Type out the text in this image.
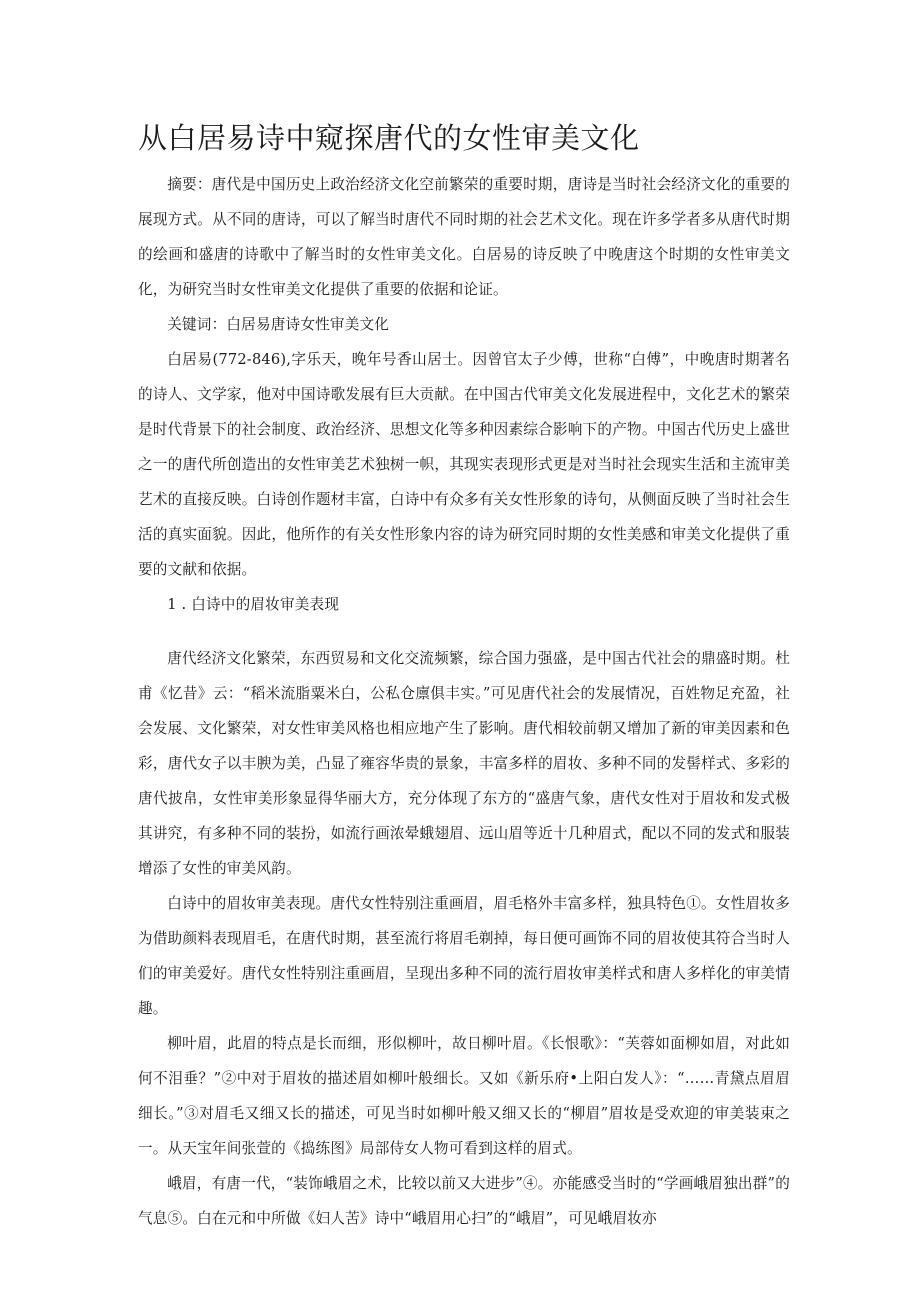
从白居易诗中窥探唐代的女性审美文化

摘要：唐代是中国历史上政治经济文化空前繁荣的重要时期，唐诗是当时社会经济文化的重要的展现方式。从不同的唐诗，可以了解当时唐代不同时期的社会艺术文化。现在许多学者多从唐代时期的绘画和盛唐的诗歌中了解当时的女性审美文化。白居易的诗反映了中晚唐这个时期的女性审美文化，为研究当时女性审美文化提供了重要的依据和论证。

关键词：白居易唐诗女性审美文化

白居易(772-846),字乐天，晚年号香山居士。因曾官太子少傅，世称“白傅”，中晚唐时期著名的诗人、文学家，他对中国诗歌发展有巨大贡献。在中国古代审美文化发展进程中，文化艺术的繁荣是时代背景下的社会制度、政治经济、思想文化等多种因素综合影响下的产物。中国古代历史上盛世之一的唐代所创造出的女性审美艺术独树一帜，其现实表现形式更是对当时社会现实生活和主流审美艺术的直接反映。白诗创作题材丰富，白诗中有众多有关女性形象的诗句，从侧面反映了当时社会生活的真实面貌。因此，他所作的有关女性形象内容的诗为研究同时期的女性美感和审美文化提供了重要的文献和依据。

1 . 白诗中的眉妆审美表现

唐代经济文化繁荣，东西贸易和文化交流频繁，综合国力强盛，是中国古代社会的鼎盛时期。杜甫《忆昔》云：“稻米流脂粟米白，公私仓廪俱丰实。”可见唐代社会的发展情况，百姓物足充盈，社会发展、文化繁荣，对女性审美风格也相应地产生了影响。唐代相较前朝又增加了新的审美因素和色彩，唐代女子以丰腴为美，凸显了雍容华贵的景象，丰富多样的眉妆、多种不同的发髻样式、多彩的唐代披帛，女性审美形象显得华丽大方，充分体现了东方的“盛唐气象，唐代女性对于眉妆和发式极其讲究，有多种不同的装扮，如流行画浓晕蛾翅眉、远山眉等近十几种眉式，配以不同的发式和服装增添了女性的审美风韵。

白诗中的眉妆审美表现。唐代女性特别注重画眉，眉毛格外丰富多样，独具特色①。女性眉妆多为借助颜料表现眉毛，在唐代时期，甚至流行将眉毛剃掉，每日便可画饰不同的眉妆使其符合当时人们的审美爱好。唐代女性特别注重画眉，呈现出多种不同的流行眉妆审美样式和唐人多样化的审美情趣。

柳叶眉，此眉的特点是长而细，形似柳叶，故日柳叶眉。《长恨歌》：“芙蓉如面柳如眉，对此如何不泪垂？”②中对于眉妆的描述眉如柳叶般细长。又如《新乐府•上阳白发人》：“……青黛点眉眉细长。”③对眉毛又细又长的描述，可见当时如柳叶般又细又长的“柳眉”眉妆是受欢迎的审美装束之一。从天宝年间张萱的《捣练图》局部侍女人物可看到这样的眉式。

峨眉，有唐一代，“装饰峨眉之术，比较以前又大进步”④。亦能感受当时的“学画峨眉独出群”的气息⑤。白在元和中所做《妇人苦》诗中“峨眉用心扫”的“峨眉”，可见峨眉妆亦
